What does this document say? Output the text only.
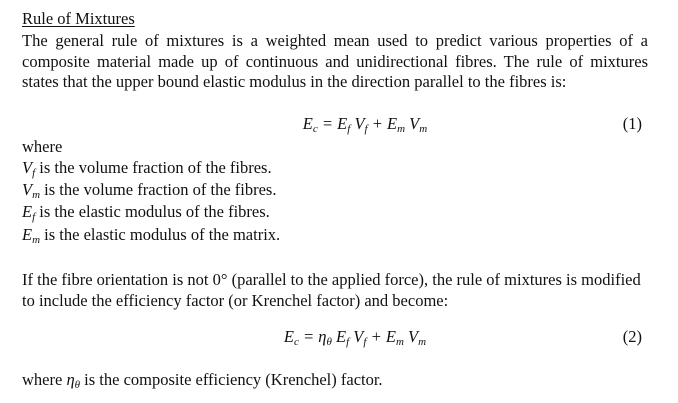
Rule of Mixtures
The general rule of mixtures is a weighted mean used to predict various properties of a composite material made up of continuous and unidirectional fibres. The rule of mixtures states that the upper bound elastic modulus in the direction parallel to the fibres is:
$E_c = E_f$ $V_f + E_m$ $V_m$	(1)
where
$V_f$ is the volume fraction of the fibres.
$V_m$ is the volume fraction of the fibres.
$E_f$ is the elastic modulus of the fibres.
$E_m$ is the elastic modulus of the matrix.
If the fibre orientation is not 0° (parallel to the applied force), the rule of mixtures is modified to include the efficiency factor (or Krenchel factor) and become:
$E_c = \eta_\theta$ $E_f$ $V_f + E_m$ $V_m$	(2)
where $\eta_\theta$ is the composite efficiency (Krenchel) factor.
